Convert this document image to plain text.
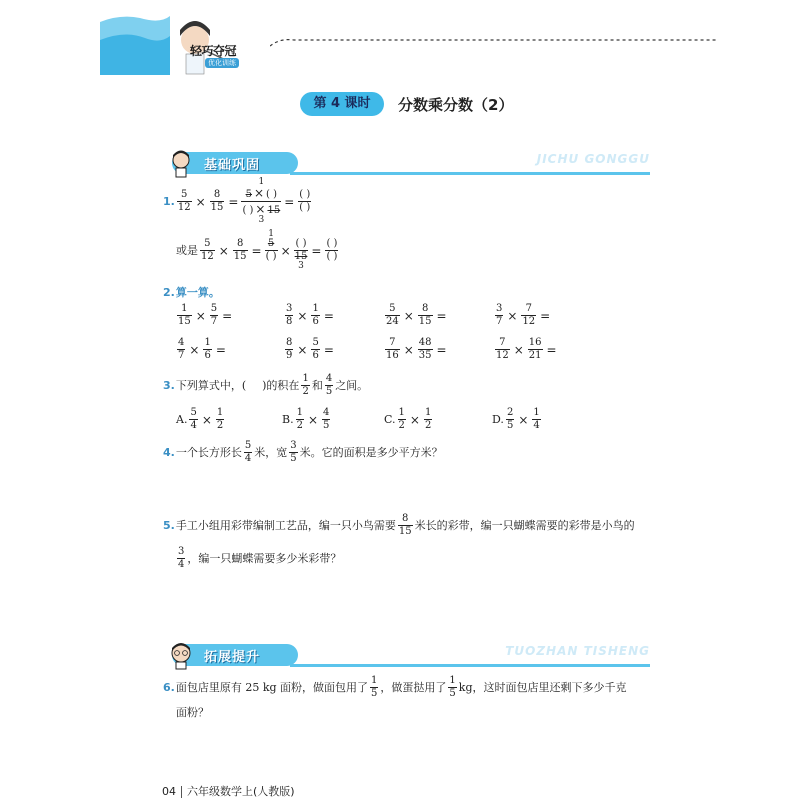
轻巧夺冠
优化训练
第 4 课时	分数乘分数（2）
基础巩固	JICHU GONGGU
1. $\frac{5}{12} \times \frac{8}{15}$ =
1
$\frac{5 \times ( )}{( ) \times 15}$
3
= $\frac{( )}{( )}$
或是 $\frac{5}{12} \times \frac{8}{15}$ =
1
$\frac{5}{( )} \times \frac{( )}{15}$
3
= $\frac{( )}{( )}$
2. 算一算。
$\frac{1}{15} \times \frac{5}{7}$ =	$\frac{3}{8} \times \frac{1}{6}$ =	$\frac{5}{24} \times \frac{8}{15}$ =	$\frac{3}{7} \times \frac{7}{12}$ =
$\frac{4}{7} \times \frac{1}{6}$ =	$\frac{8}{9} \times \frac{5}{6}$ =	$\frac{7}{16} \times \frac{48}{35}$ =	$\frac{7}{12} \times \frac{16}{21}$ =
3. 下列算式中，( )的积在 $\frac{1}{2}$ 和 $\frac{4}{5}$ 之间。
A. $\frac{5}{4} \times \frac{1}{2}$	B. $\frac{1}{2} \times \frac{4}{5}$	C. $\frac{1}{2} \times \frac{1}{2}$	D. $\frac{2}{5} \times \frac{1}{4}$
4. 一个长方形长 $\frac{5}{4}$ 米，宽 $\frac{3}{5}$ 米。它的面积是多少平方米？
5. 手工小组用彩带编制工艺品，编一只小鸟需要 $\frac{8}{15}$ 米长的彩带，编一只蝴蝶需要的彩带是小鸟的
$\frac{3}{4}$ ，编一只蝴蝶需要多少米彩带？
拓展提升	TUOZHAN TISHENG
6. 面包店里原有 25 kg 面粉，做面包用了 $\frac{1}{5}$ ，做蛋挞用了 $\frac{1}{5}$ kg，这时面包店里还剩下多少千克
面粉？
04 六年级数学上(人教版)
